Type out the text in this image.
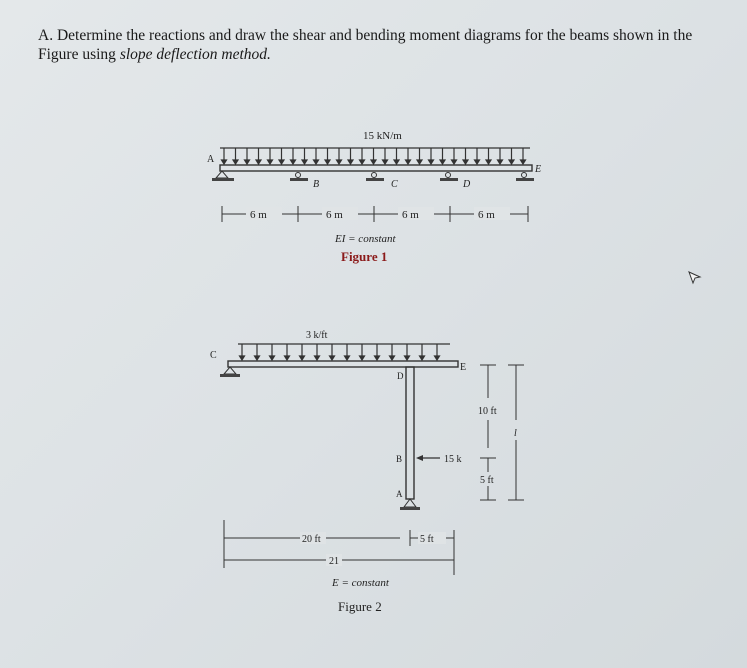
A. Determine the reactions and draw the shear and bending moment diagrams for the beams shown in the Figure using slope deflection method.
15 kN/m
A
B	C	D
E
6 m	6 m	6 m	6 m
EI = constant
Figure 1
3 k/ft
C
D
E
B
A
15 k
20 ft
21
5 ft
10 ft
5 ft
l
E = constant
Figure 2
